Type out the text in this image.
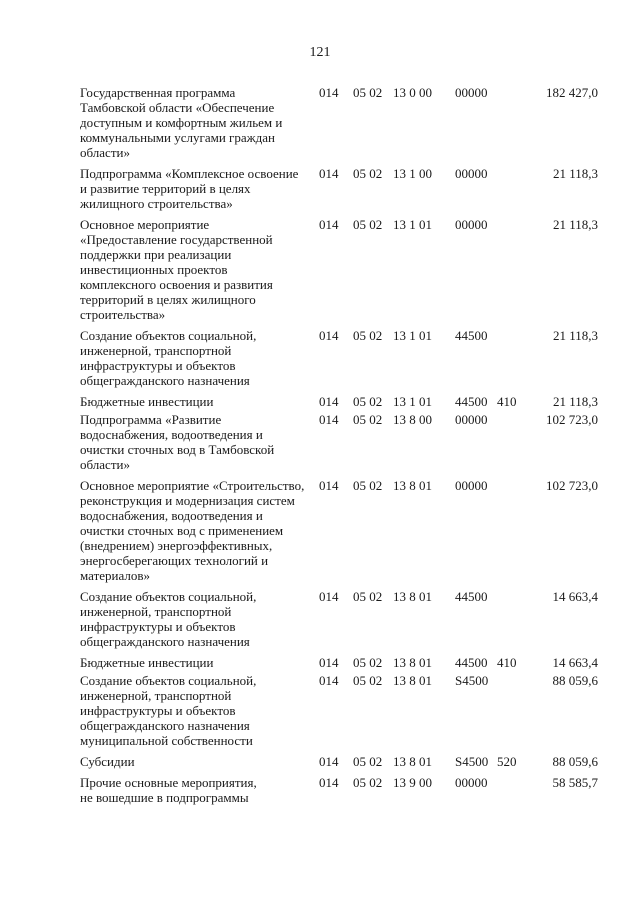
121
Государственная программа
Тамбовской области «Обеспечение
доступным и комфортным жильем и
коммунальными услугами граждан
области»
014 05 02 13 0 00 00000	182 427,0
Подпрограмма «Комплексное освоение
и развитие территорий в целях
жилищного строительства»
014 05 02 13 1 00 00000	21 118,3
Основное мероприятие
«Предоставление государственной
поддержки при реализации
инвестиционных проектов
комплексного освоения и развития
территорий в целях жилищного
строительства»
014 05 02 13 1 01 00000	21 118,3
Создание объектов социальной,
инженерной, транспортной
инфраструктуры и объектов
общегражданского назначения
014 05 02 13 1 01 44500	21 118,3
Бюджетные инвестиции	014 05 02 13 1 01 44500 410	21 118,3
Подпрограмма «Развитие
водоснабжения, водоотведения и
очистки сточных вод в Тамбовской
области»
014 05 02 13 8 00 00000	102 723,0
Основное мероприятие «Строительство,
реконструкция и модернизация систем
водоснабжения, водоотведения и
очистки сточных вод с применением
(внедрением) энергоэффективных,
энергосберегающих технологий и
материалов»
014 05 02 13 8 01 00000	102 723,0
Создание объектов социальной,
инженерной, транспортной
инфраструктуры и объектов
общегражданского назначения
014 05 02 13 8 01 44500	14 663,4
Бюджетные инвестиции	014 05 02 13 8 01 44500 410	14 663,4
Создание объектов социальной,
инженерной, транспортной
инфраструктуры и объектов
общегражданского назначения
муниципальной собственности
014 05 02 13 8 01 S4500	88 059,6
Субсидии	014 05 02 13 8 01 S4500 520	88 059,6
Прочие основные мероприятия,
не вошедшие в подпрограммы
014 05 02 13 9 00 00000	58 585,7
